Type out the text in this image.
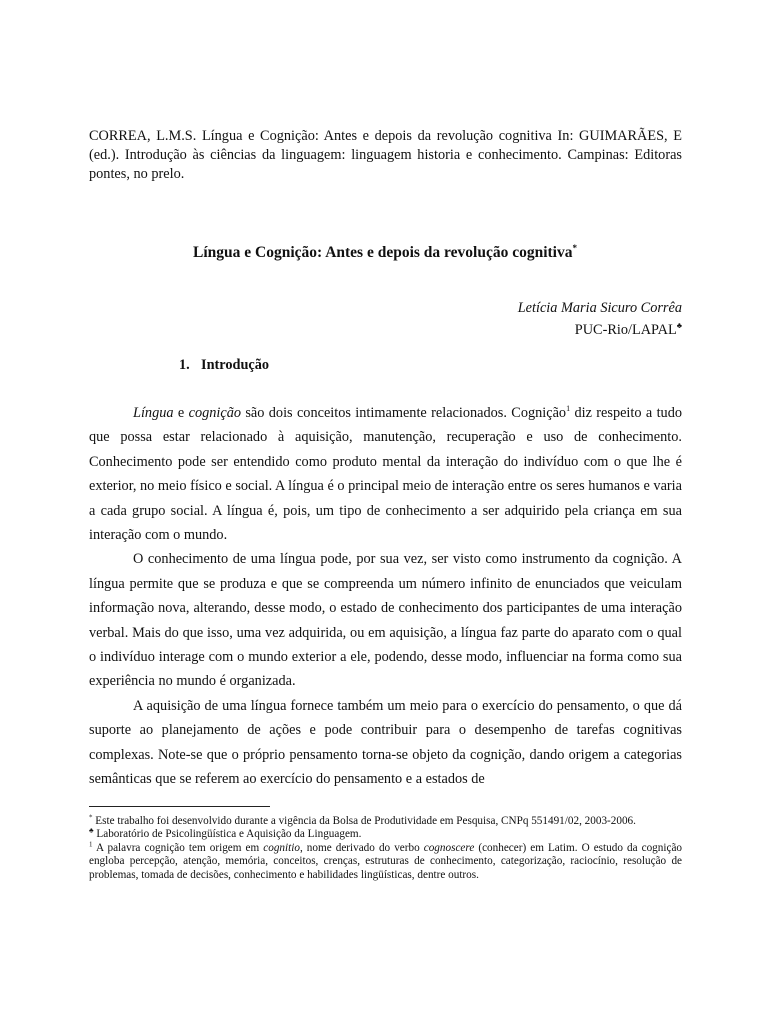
CORREA, L.M.S. Língua e Cognição: Antes e depois da revolução cognitiva In: GUIMARÃES, E (ed.). Introdução às ciências da linguagem: linguagem historia e conhecimento. Campinas: Editoras pontes, no prelo.
Língua e Cognição: Antes e depois da revolução cognitiva*
Letícia Maria Sicuro Corrêa
PUC-Rio/LAPAL♣
1. Introdução

Língua e cognição são dois conceitos intimamente relacionados. Cognição$^1$ diz respeito a tudo que possa estar relacionado à aquisição, manutenção, recuperação e uso de conhecimento. Conhecimento pode ser entendido como produto mental da interação do indivíduo com o que lhe é exterior, no meio físico e social. A língua é o principal meio de interação entre os seres humanos e varia a cada grupo social. A língua é, pois, um tipo de conhecimento a ser adquirido pela criança em sua interação com o mundo.

O conhecimento de uma língua pode, por sua vez, ser visto como instrumento da cognição. A língua permite que se produza e que se compreenda um número infinito de enunciados que veiculam informação nova, alterando, desse modo, o estado de conhecimento dos participantes de uma interação verbal. Mais do que isso, uma vez adquirida, ou em aquisição, a língua faz parte do aparato com o qual o indivíduo interage com o mundo exterior a ele, podendo, desse modo, influenciar na forma como sua experiência no mundo é organizada.

A aquisição de uma língua fornece também um meio para o exercício do pensamento, o que dá suporte ao planejamento de ações e pode contribuir para o desempenho de tarefas cognitivas complexas. Note-se que o próprio pensamento torna-se objeto da cognição, dando origem a categorias semânticas que se referem ao exercício do pensamento e a estados de

* Este trabalho foi desenvolvido durante a vigência da Bolsa de Produtividade em Pesquisa, CNPq 551491/02, 2003-2006.

♣ Laboratório de Psicolingüística e Aquisição da Linguagem.

$^1$ A palavra cognição tem origem em cognitio, nome derivado do verbo cognoscere (conhecer) em Latim. O estudo da cognição engloba percepção, atenção, memória, conceitos, crenças, estruturas de conhecimento, categorização, raciocínio, resolução de problemas, tomada de decisões, conhecimento e habilidades lingüísticas, dentre outros.
